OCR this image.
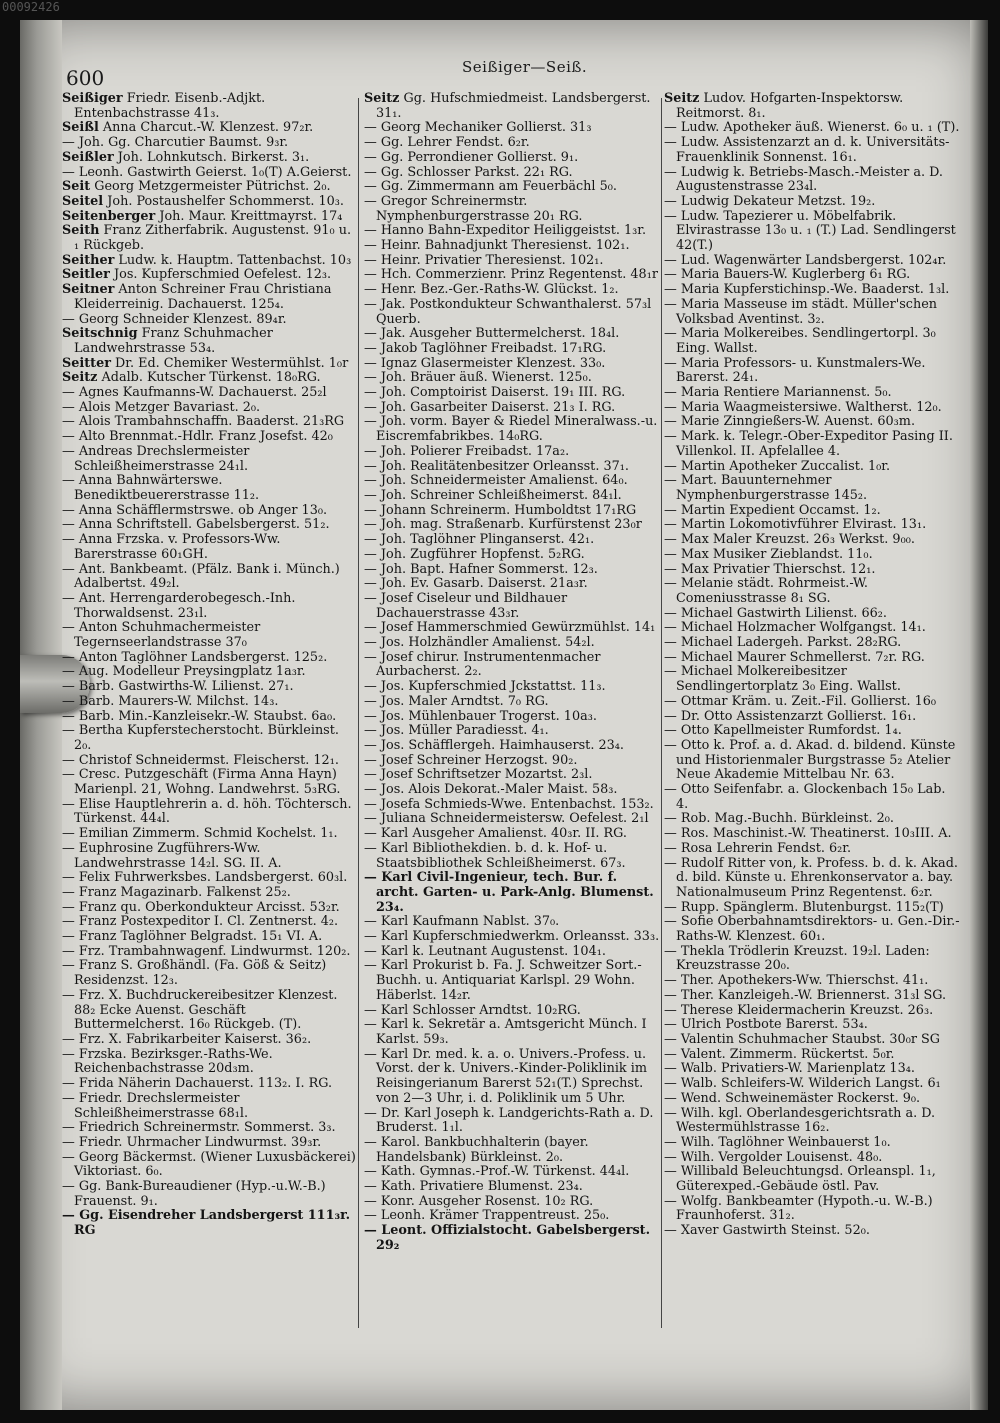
00092426
600	Seißiger—Seiß.
Seißiger Friedr. Eisenb.-Adjkt. Entenbachstrasse 41₃.
Seißl Anna Charcut.-W. Klenzest. 97₂r.
— Joh. Gg. Charcutier Baumst. 9₃r.
Seißler Joh. Lohnkutsch. Birkerst. 3₁.
— Leonh. Gastwirth Geierst. 1₀(T) A.Geierst.
Seit Georg Metzgermeister Pütrichst. 2₀.
Seitel Joh. Postaushelfer Schommerst. 10₃.
Seitenberger Joh. Maur. Kreittmayrst. 17₄
Seith Franz Zitherfabrik. Augustenst. 91₀ u. ₁ Rückgeb.
Seither Ludw. k. Hauptm. Tattenbachst. 10₃
Seitler Jos. Kupferschmied Oefelest. 12₃.
Seitner Anton Schreiner Frau Christiana Kleiderreinig. Dachauerst. 125₄.
— Georg Schneider Klenzest. 89₄r.
Seitschnig Franz Schuhmacher Landwehrstrasse 53₄.
Seitter Dr. Ed. Chemiker Westermühlst. 1₀r
Seitz Adalb. Kutscher Türkenst. 18₀RG.
— Agnes Kaufmanns-W. Dachauerst. 25₂l
— Alois Metzger Bavariast. 2₀.
— Alois Trambahnschaffn. Baaderst. 21₃RG
— Alto Brennmat.-Hdlr. Franz Josefst. 42₀
— Andreas Drechslermeister Schleißheimerstrasse 24₁l.
— Anna Bahnwärterswe. Benediktbeuererstrasse 11₂.
— Anna Schäfflermstrswe. ob Anger 13₀.
— Anna Schriftstell. Gabelsbergerst. 51₂.
— Anna Frzska. v. Professors-Ww. Barerstrasse 60₁GH.
— Ant. Bankbeamt. (Pfälz. Bank i. Münch.) Adalbertst. 49₂l.
— Ant. Herrengarderobegesch.-Inh. Thorwaldsenst. 23₁l.
— Anton Schuhmachermeister Tegernseerlandstrasse 37₀
— Anton Taglöhner Landsbergerst. 125₂.
— Aug. Modelleur Preysingplatz 1a₃r.
— Barb. Gastwirths-W. Lilienst. 27₁.
— Barb. Maurers-W. Milchst. 14₃.
— Barb. Min.-Kanzleisekr.-W. Staubst. 6a₀.
— Bertha Kupferstecherstocht. Bürkleinst. 2₀.
— Christof Schneidermst. Fleischerst. 12₁.
— Cresc. Putzgeschäft (Firma Anna Hayn) Marienpl. 21, Wohng. Landwehrst. 5₃RG.
— Elise Hauptlehrerin a. d. höh. Töchtersch. Türkenst. 44₄l.
— Emilian Zimmerm. Schmid Kochelst. 1₁.
— Euphrosine Zugführers-Ww. Landwehrstrasse 14₂l. SG. II. A.
— Felix Fuhrwerksbes. Landsbergerst. 60₃l.
— Franz Magazinarb. Falkenst 25₂.
— Franz qu. Oberkondukteur Arcisst. 53₂r.
— Franz Postexpeditor I. Cl. Zentnerst. 4₂.
— Franz Taglöhner Belgradst. 15₁ VI. A.
— Frz. Trambahnwagenf. Lindwurmst. 120₂.
— Franz S. Großhändl. (Fa. Göß & Seitz) Residenzst. 12₃.
— Frz. X. Buchdruckereibesitzer Klenzest. 88₂ Ecke Auenst. Geschäft Buttermelcherst. 16₀ Rückgeb. (T).
— Frz. X. Fabrikarbeiter Kaiserst. 36₂.
— Frzska. Bezirksger.-Raths-We. Reichenbachstrasse 20d₃m.
— Frida Näherin Dachauerst. 113₂. I. RG.
— Friedr. Drechslermeister Schleißheimerstrasse 68₁l.
— Friedrich Schreinermstr. Sommerst. 3₃.
— Friedr. Uhrmacher Lindwurmst. 39₃r.
— Georg Bäckermst. (Wiener Luxusbäckerei) Viktoriast. 6₀.
— Gg. Bank-Bureaudiener (Hyp.-u.W.-B.) Frauenst. 9₁.
— Gg. Eisendreher Landsbergerst 111₃r. RG
Seitz Gg. Hufschmiedmeist. Landsbergerst. 31₁.
— Georg Mechaniker Gollierst. 31₃
— Gg. Lehrer Fendst. 6₂r.
— Gg. Perrondiener Gollierst. 9₁.
— Gg. Schlosser Parkst. 22₁ RG.
— Gg. Zimmermann am Feuerbächl 5₀.
— Gregor Schreinermstr. Nymphenburgerstrasse 20₁ RG.
— Hanno Bahn-Expeditor Heiliggeistst. 1₃r.
— Heinr. Bahnadjunkt Theresienst. 102₁.
— Heinr. Privatier Theresienst. 102₁.
— Hch. Commerzienr. Prinz Regentenst. 48₁r
— Henr. Bez.-Ger.-Raths-W. Glückst. 1₂.
— Jak. Postkondukteur Schwanthalerst. 57₃l Querb.
— Jak. Ausgeher Buttermelcherst. 18₄l.
— Jakob Taglöhner Freibadst. 17₁RG.
— Ignaz Glasermeister Klenzest. 33₀.
— Joh. Bräuer äuß. Wienerst. 125₀.
— Joh. Comptoirist Daiserst. 19₁ III. RG.
— Joh. Gasarbeiter Daiserst. 21₃ I. RG.
— Joh. vorm. Bayer & Riedel Mineralwass.-u. Eiscremfabrikbes. 14₀RG.
— Joh. Polierer Freibadst. 17a₂.
— Joh. Realitätenbesitzer Orleansst. 37₁.
— Joh. Schneidermeister Amalienst. 64₀.
— Joh. Schreiner Schleißheimerst. 84₁l.
— Johann Schreinerm. Humboldtst 17₁RG
— Joh. mag. Straßenarb. Kurfürstenst 23₀r
— Joh. Taglöhner Plinganserst. 42₁.
— Joh. Zugführer Hopfenst. 5₂RG.
— Joh. Bapt. Hafner Sommerst. 12₃.
— Joh. Ev. Gasarb. Daiserst. 21a₃r.
— Josef Ciseleur und Bildhauer Dachauerstrasse 43₃r.
— Josef Hammerschmied Gewürzmühlst. 14₁
— Jos. Holzhändler Amalienst. 54₂l.
— Josef chirur. Instrumentenmacher Aurbacherst. 2₂.
— Jos. Kupferschmied Jckstattst. 11₃.
— Jos. Maler Arndtst. 7₀ RG.
— Jos. Mühlenbauer Trogerst. 10a₃.
— Jos. Müller Paradiesst. 4₁.
— Jos. Schäfflergeh. Haimhauserst. 23₄.
— Josef Schreiner Herzogst. 90₂.
— Josef Schriftsetzer Mozartst. 2₃l.
— Jos. Alois Dekorat.-Maler Maist. 58₃.
— Josefa Schmieds-Wwe. Entenbachst. 153₂.
— Juliana Schneidermeistersw. Oefelest. 2₁l
— Karl Ausgeher Amalienst. 40₃r. II. RG.
— Karl Bibliothekdien. b. d. k. Hof- u. Staatsbibliothek Schleißheimerst. 67₃.
— Karl Civil-Ingenieur, tech. Bur. f. archt. Garten- u. Park-Anlg. Blumenst. 23₄.
— Karl Kaufmann Nablst. 37₀.
— Karl Kupferschmiedwerkm. Orleansst. 33₃.
— Karl k. Leutnant Augustenst. 104₁.
— Karl Prokurist b. Fa. J. Schweitzer Sort.-Buchh. u. Antiquariat Karlspl. 29 Wohn. Häberlst. 14₂r.
— Karl Schlosser Arndtst. 10₂RG.
— Karl k. Sekretär a. Amtsgericht Münch. I Karlst. 59₃.
— Karl Dr. med. k. a. o. Univers.-Profess. u. Vorst. der k. Univers.-Kinder-Poliklinik im Reisingerianum Barerst 52₁(T.) Sprechst. von 2—3 Uhr, i. d. Poliklinik um 5 Uhr.
— Dr. Karl Joseph k. Landgerichts-Rath a. D. Bruderst. 1₁l.
— Karol. Bankbuchhalterin (bayer. Handelsbank) Bürkleinst. 2₀.
— Kath. Gymnas.-Prof.-W. Türkenst. 44₄l.
— Kath. Privatiere Blumenst. 23₄.
— Konr. Ausgeher Rosenst. 10₂ RG.
— Leonh. Krämer Trappentreust. 25₀.
— Leont. Offizialstocht. Gabelsbergerst. 29₂
Seitz Ludov. Hofgarten-Inspektorsw. Reitmorst. 8₁.
— Ludw. Apotheker äuß. Wienerst. 6₀ u. ₁ (T).
— Ludw. Assistenzarzt an d. k. Universitäts-Frauenklinik Sonnenst. 16₁.
— Ludwig k. Betriebs-Masch.-Meister a. D. Augustenstrasse 23₄l.
— Ludwig Dekateur Metzst. 19₂.
— Ludw. Tapezierer u. Möbelfabrik. Elvirastrasse 13₀ u. ₁ (T.) Lad. Sendlingerst 42(T.)
— Lud. Wagenwärter Landsbergerst. 102₄r.
— Maria Bauers-W. Kuglerberg 6₁ RG.
— Maria Kupferstichinsp.-We. Baaderst. 1₃l.
— Maria Masseuse im städt. Müller'schen Volksbad Aventinst. 3₂.
— Maria Molkereibes. Sendlingertorpl. 3₀ Eing. Wallst.
— Maria Professors- u. Kunstmalers-We. Barerst. 24₁.
— Maria Rentiere Mariannenst. 5₀.
— Maria Waagmeistersiwe. Waltherst. 12₀.
— Marie Zinngießers-W. Auenst. 60₃m.
— Mark. k. Telegr.-Ober-Expeditor Pasing II. Villenkol. II. Apfelallee 4.
— Martin Apotheker Zuccalist. 1₀r.
— Mart. Bauunternehmer Nymphenburgerstrasse 145₂.
— Martin Expedient Occamst. 1₂.
— Martin Lokomotivführer Elvirast. 13₁.
— Max Maler Kreuzst. 26₃ Werkst. 9₀₀.
— Max Musiker Zieblandst. 11₀.
— Max Privatier Thierschst. 12₁.
— Melanie städt. Rohrmeist.-W. Comeniusstrasse 8₁ SG.
— Michael Gastwirth Lilienst. 66₂.
— Michael Holzmacher Wolfgangst. 14₁.
— Michael Ladergeh. Parkst. 28₂RG.
— Michael Maurer Schmellerst. 7₂r. RG.
— Michael Molkereibesitzer Sendlingertorplatz 3₀ Eing. Wallst.
— Ottmar Kräm. u. Zeit.-Fil. Gollierst. 16₀
— Dr. Otto Assistenzarzt Gollierst. 16₁.
— Otto Kapellmeister Rumfordst. 1₄.
— Otto k. Prof. a. d. Akad. d. bildend. Künste und Historienmaler Burgstrasse 5₂ Atelier Neue Akademie Mittelbau Nr. 63.
— Otto Seifenfabr. a. Glockenbach 15₀ Lab. 4.
— Rob. Mag.-Buchh. Bürkleinst. 2₀.
— Ros. Maschinist.-W. Theatinerst. 10₃III. A.
— Rosa Lehrerin Fendst. 6₂r.
— Rudolf Ritter von, k. Profess. b. d. k. Akad. d. bild. Künste u. Ehrenkonservator a. bay. Nationalmuseum Prinz Regentenst. 6₂r.
— Rupp. Spänglerm. Blutenburgst. 115₂(T)
— Sofie Oberbahnamtsdirektors- u. Gen.-Dir.-Raths-W. Klenzest. 60₁.
— Thekla Trödlerin Kreuzst. 19₂l. Laden: Kreuzstrasse 20₀.
— Ther. Apothekers-Ww. Thierschst. 41₁.
— Ther. Kanzleigeh.-W. Briennerst. 31₃l SG.
— Therese Kleidermacherin Kreuzst. 26₃.
— Ulrich Postbote Barerst. 53₄.
— Valentin Schuhmacher Staubst. 30₀r SG
— Valent. Zimmerm. Rückertst. 5₀r.
— Walb. Privatiers-W. Marienplatz 13₄.
— Walb. Schleifers-W. Wilderich Langst. 6₁
— Wend. Schweinemäster Rockerst. 9₀.
— Wilh. kgl. Oberlandesgerichtsrath a. D. Westermühlstrasse 16₂.
— Wilh. Taglöhner Weinbauerst 1₀.
— Wilh. Vergolder Louisenst. 48₀.
— Willibald Beleuchtungsd. Orleanspl. 1₁, Güterexped.-Gebäude östl. Pav.
— Wolfg. Bankbeamter (Hypoth.-u. W.-B.) Fraunhoferst. 31₂.
— Xaver Gastwirth Steinst. 52₀.
